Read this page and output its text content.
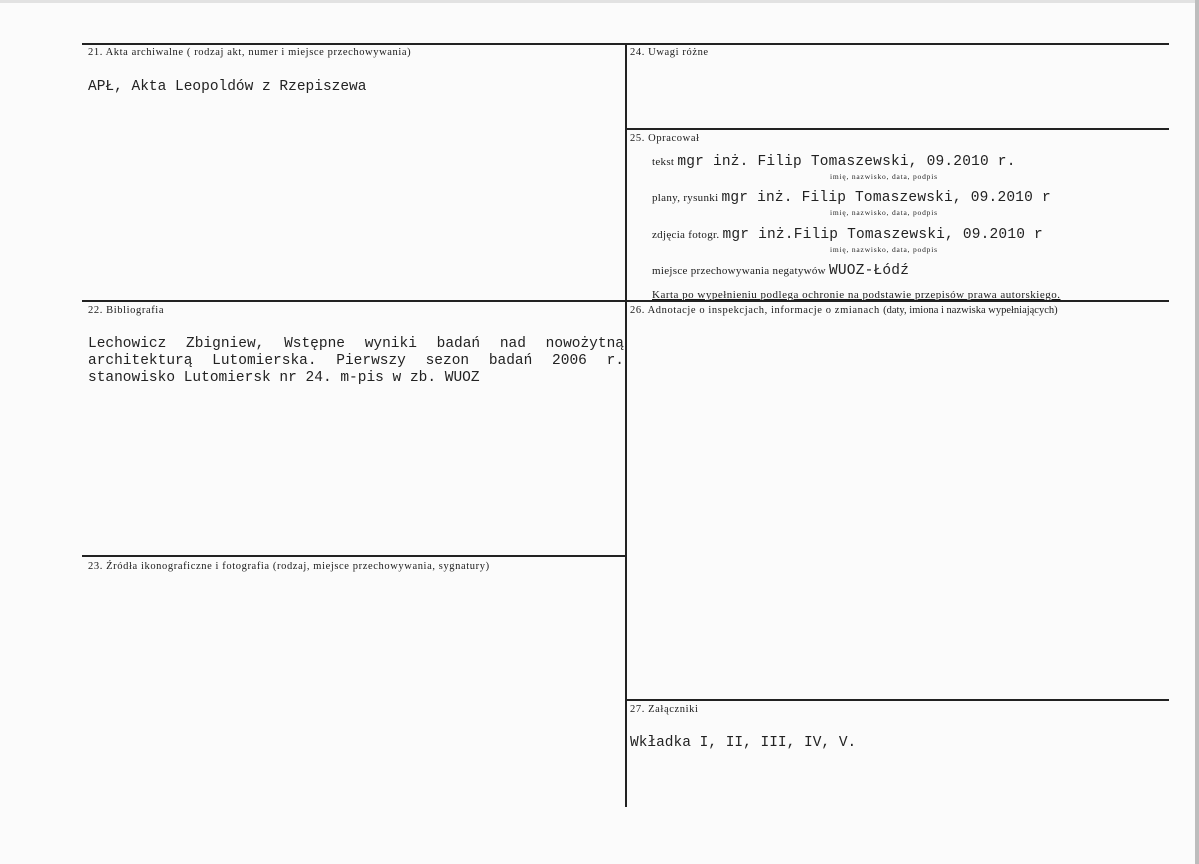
21. Akta archiwalne ( rodzaj akt, numer i miejsce przechowywania)
APŁ, Akta Leopoldów z Rzepiszewa
24. Uwagi różne
25. Opracował
tekst mgr inż. Filip Tomaszewski, 09.2010 r.
imię, nazwisko, data, podpis
plany, rysunki mgr inż. Filip Tomaszewski, 09.2010 r
imię, nazwisko, data, podpis
zdjęcia fotogr. mgr inż.Filip Tomaszewski, 09.2010 r
imię, nazwisko, data, podpis
miejsce przechowywania negatywów WUOZ-Łódź
Karta po wypełnieniu podlega ochronie na podstawie przepisów prawa autorskiego.
22. Bibliografia
Lechowicz Zbigniew, Wstępne wyniki badań nad nowożytną architekturą Lutomierska. Pierwszy sezon badań 2006 r. stanowisko Lutomiersk nr 24. m-pis w zb. WUOZ
26. Adnotacje o inspekcjach, informacje o zmianach (daty, imiona i nazwiska wypełniających)
23. Źródła ikonograficzne i fotografia (rodzaj, miejsce przechowywania, sygnatury)
27. Załączniki
Wkładka I, II, III, IV, V.
